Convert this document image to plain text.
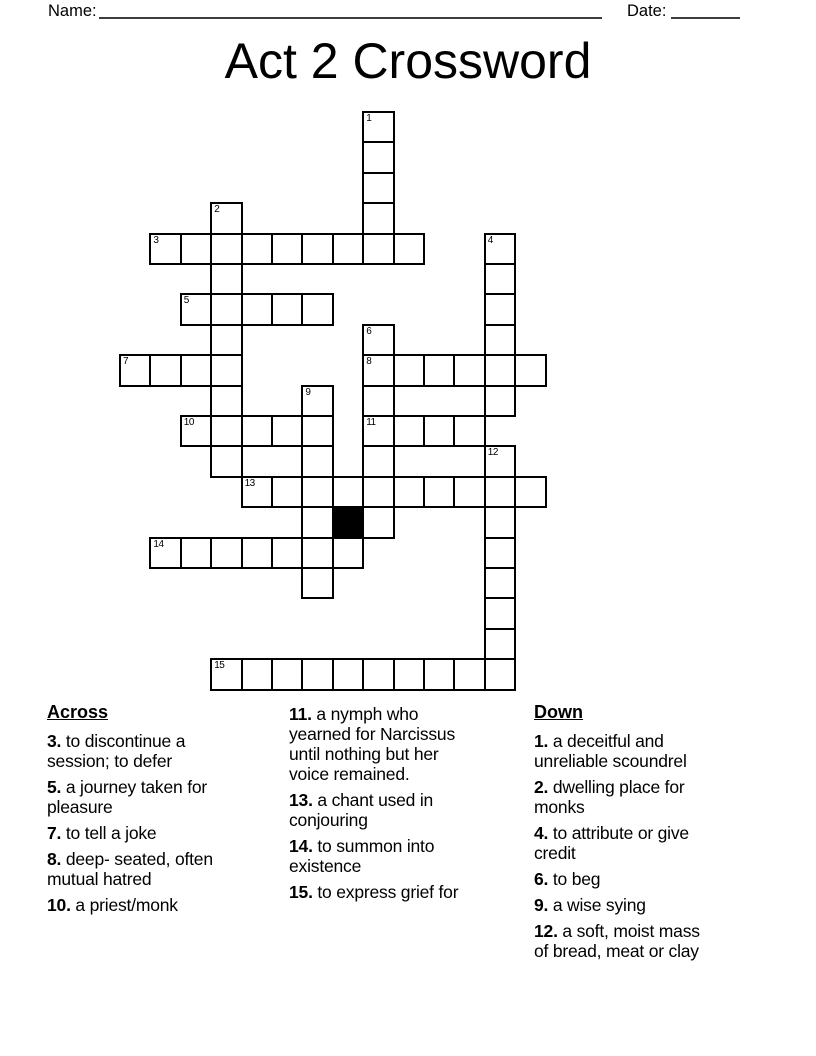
Name:	Date:
Act 2 Crossword
1
2
3	4
5
6
8
11
7
9
10
12
13
14
15
Across
3. to discontinue a
session; to defer
5. a journey taken for
pleasure
7. to tell a joke
8. deep- seated, often
mutual hatred
10. a priest/monk
11. a nymph who
yearned for Narcissus
until nothing but her
voice remained.
13. a chant used in
conjouring
14. to summon into
existence
15. to express grief for
Down
1. a deceitful and
unreliable scoundrel
2. dwelling place for
monks
4. to attribute or give
credit
6. to beg
9. a wise sying
12. a soft, moist mass
of bread, meat or clay
